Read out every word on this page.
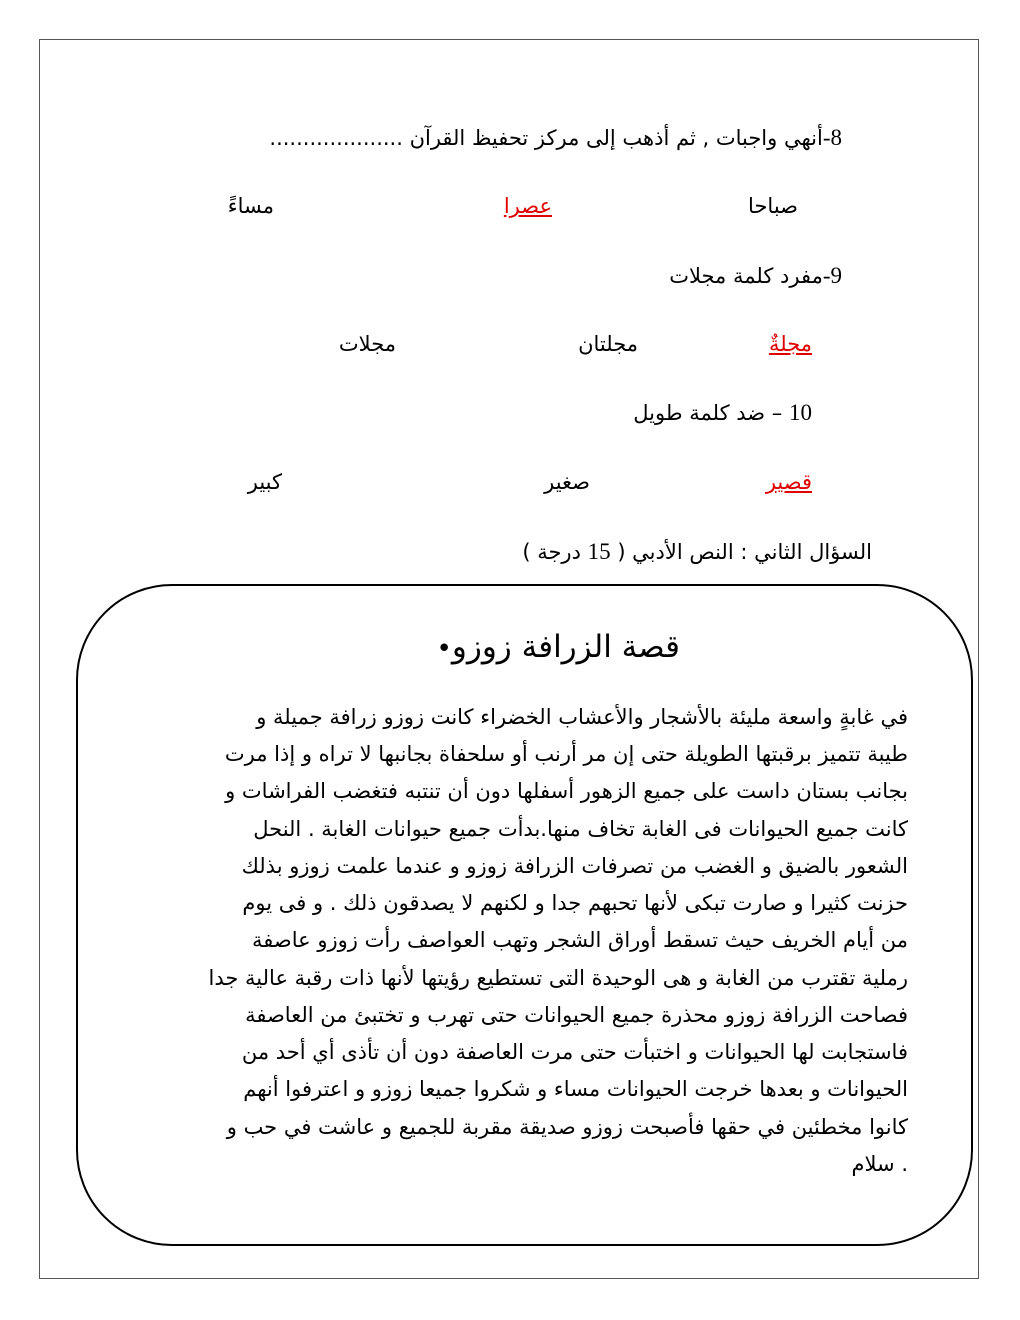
8-أنهي واجبات , ثم أذهب إلى مركز تحفيظ القرآن ....................
صباحا
عصرا
مساءً
9-مفرد كلمة مجلات
مجلةٌ
مجلتان
مجلات
10 – ضد كلمة طويل
قصير
صغير
كبير
السؤال الثاني : النص الأدبي ( 15 درجة )
قصة الزرافة زوزو•
في غابةٍ واسعة مليئة بالأشجار والأعشاب الخضراء كانت زوزو زرافة جميلة و
طيبة تتميز برقبتها الطويلة حتى إن مر أرنب أو سلحفاة بجانبها لا تراه و إذا مرت
بجانب بستان داست على جميع الزهور أسفلها دون أن تنتبه فتغضب الفراشات و
كانت جميع الحيوانات فى الغابة تخاف منها.بدأت جميع حيوانات الغابة . النحل
الشعور بالضيق و الغضب من تصرفات الزرافة زوزو و عندما علمت زوزو بذلك
حزنت كثيرا و صارت تبكى لأنها تحبهم جدا و لكنهم لا يصدقون ذلك . و فى يوم
من أيام الخريف حيث تسقط أوراق الشجر وتهب العواصف رأت زوزو عاصفة
رملية تقترب من الغابة و هى الوحيدة التى تستطيع رؤيتها لأنها ذات رقبة عالية جدا
فصاحت الزرافة زوزو محذرة جميع الحيوانات حتى تهرب و تختبئ من العاصفة
فاستجابت لها الحيوانات و اختبأت حتى مرت العاصفة دون أن تأذى أي أحد من
الحيوانات و بعدها خرجت الحيوانات مساء و شكروا جميعا زوزو و اعترفوا أنهم
كانوا مخطئين في حقها فأصبحت زوزو صديقة مقربة للجميع و عاشت في حب و
. سلام
